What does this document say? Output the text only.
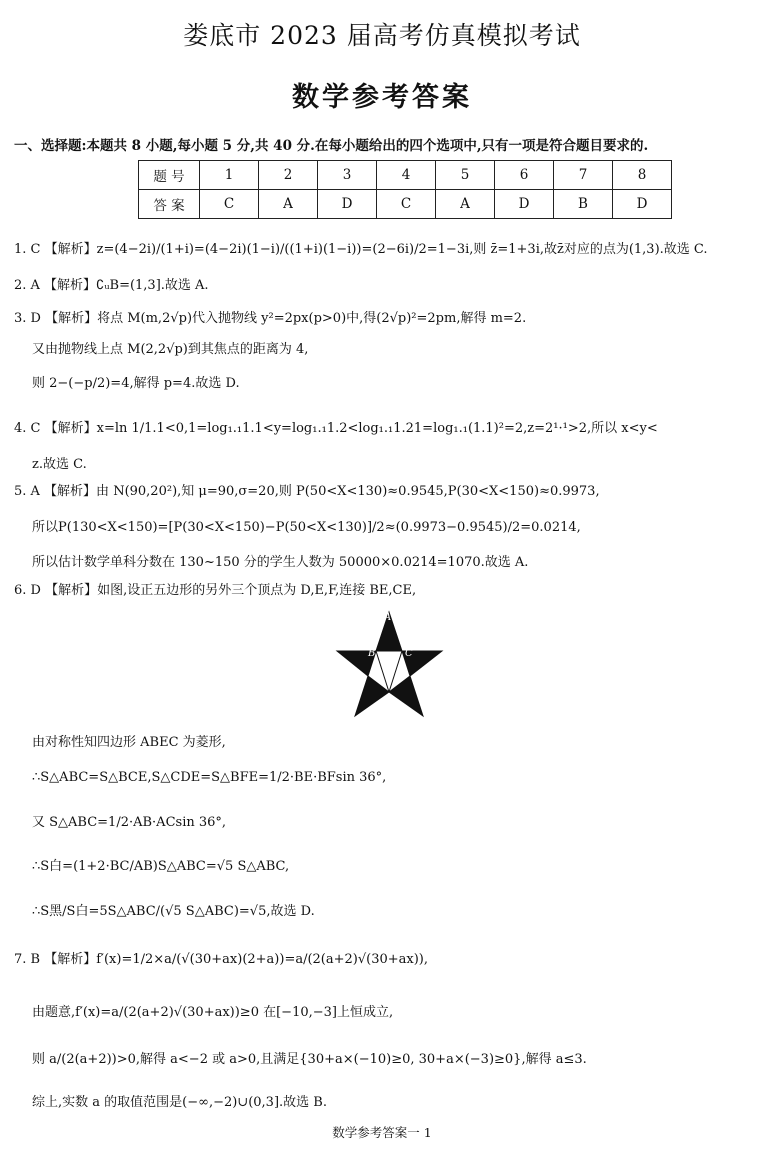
娄底市 2023 届高考仿真模拟考试
数学参考答案
一、选择题:本题共 8 小题,每小题 5 分,共 40 分.在每小题给出的四个选项中,只有一项是符合题目要求的.
题 号	1	2	3	4	5	6	7	8
答 案	C	A	D	C	A	D	B	D
1. C 【解析】z=(4−2i)/(1+i)=(4−2i)(1−i)/((1+i)(1−i))=(2−6i)/2=1−3i,则 z̄=1+3i,故z̄对应的点为(1,3).故选 C.
2. A 【解析】∁ᵤB=(1,3].故选 A.
3. D 【解析】将点 M(m,2√p)代入抛物线 y²=2px(p>0)中,得(2√p)²=2pm,解得 m=2.
又由抛物线上点 M(2,2√p)到其焦点的距离为 4,
则 2−(−p/2)=4,解得 p=4.故选 D.
4. C 【解析】x=ln 1/1.1<0,1=log₁.₁1.1<y=log₁.₁1.2<log₁.₁1.21=log₁.₁(1.1)²=2,z=2¹·¹>2,所以 x<y<
z.故选 C.
5. A 【解析】由 N(90,20²),知 μ=90,σ=20,则 P(50<X<130)≈0.9545,P(30<X<150)≈0.9973,
所以P(130<X<150)=[P(30<X<150)−P(50<X<130)]/2≈(0.9973−0.9545)/2=0.0214,
所以估计数学单科分数在 130~150 分的学生人数为 50000×0.0214=1070.故选 A.
6. D 【解析】如图,设正五边形的另外三个顶点为 D,E,F,连接 BE,CE,
A
B	C
D
E
F
由对称性知四边形 ABEC 为菱形,
∴S△ABC=S△BCE,S△CDE=S△BFE=1/2·BE·BFsin 36°,
又 S△ABC=1/2·AB·ACsin 36°,
∴S白=(1+2·BC/AB)S△ABC=√5 S△ABC,
∴S黑/S白=5S△ABC/(√5 S△ABC)=√5,故选 D.
7. B 【解析】f′(x)=1/2×a/(√(30+ax)(2+a))=a/(2(a+2)√(30+ax)),
由题意,f′(x)=a/(2(a+2)√(30+ax))≥0 在[−10,−3]上恒成立,
则 a/(2(a+2))>0,解得 a<−2 或 a>0,且满足{30+a×(−10)≥0, 30+a×(−3)≥0},解得 a≤3.
综上,实数 a 的取值范围是(−∞,−2)∪(0,3].故选 B.
数学参考答案一 1
